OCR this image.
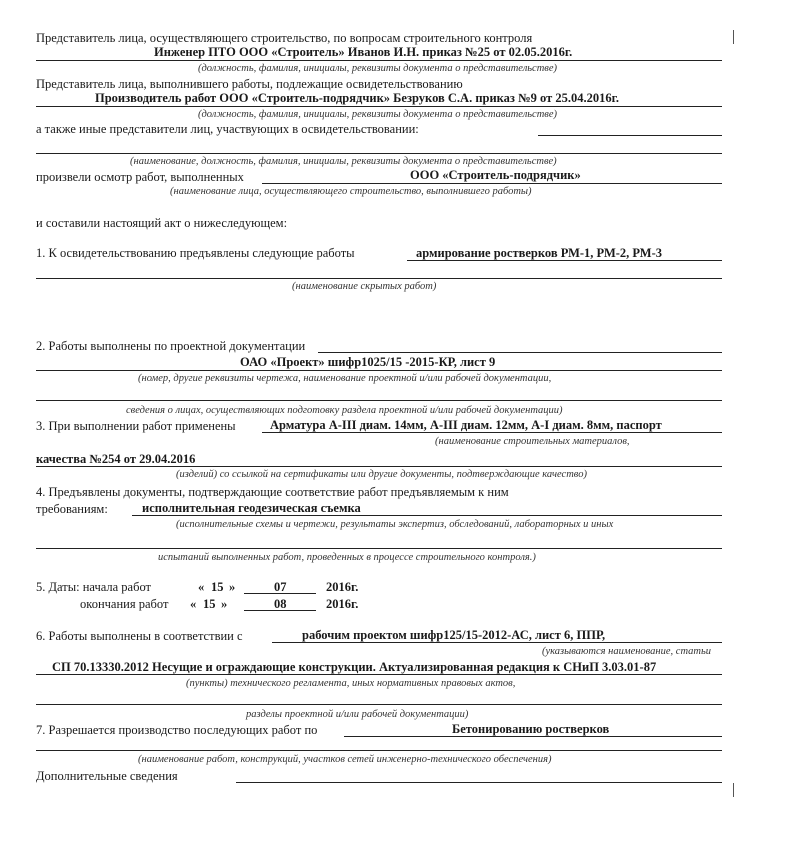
Представитель лица, осуществляющего строительство, по вопросам строительного контроля
Инженер ПТО ООО «Строитель» Иванов И.Н. приказ №25 от 02.05.2016г.
(должность, фамилия, инициалы, реквизиты документа о представительстве)
Представитель лица, выполнившего работы, подлежащие освидетельствованию
Производитель работ ООО «Строитель-подрядчик» Безруков С.А. приказ №9 от 25.04.2016г.
(должность, фамилия, инициалы, реквизиты документа о представительстве)
а также иные представители лиц, участвующих в освидетельствовании:
(наименование, должность, фамилия, инициалы, реквизиты документа о представительстве)
произвели осмотр работ, выполненных	ООО «Строитель-подрядчик»
(наименование лица, осуществляющего строительство, выполнившего работы)
и составили настоящий акт о нижеследующем:
1. К освидетельствованию предъявлены следующие работы	армирование ростверков РМ-1, РМ-2, РМ-3
(наименование скрытых работ)
2. Работы выполнены по проектной документации
ОАО «Проект» шифр1025/15 -2015-КР, лист 9
(номер, другие реквизиты чертежа, наименование проектной и/или рабочей документации,
сведения о лицах, осуществляющих подготовку раздела проектной и/или рабочей документации)
3. При выполнении работ применены	Арматура А-III диам. 14мм, А-III диам. 12мм, А-I диам. 8мм, паспорт
(наименование строительных материалов,
качества №254 от 29.04.2016
(изделий) со ссылкой на сертификаты или другие документы, подтверждающие качество)
4. Предъявлены документы, подтверждающие соответствие работ предъявляемым к ним
требованиям:	исполнительная геодезическая съемка
(исполнительные схемы и чертежи, результаты экспертиз, обследований, лабораторных и иных
испытаний выполненных работ, проведенных в процессе строительного контроля.)
5. Даты: начала работ	« 15 »	07	2016г.
окончания работ « 15 »	08	2016г.
6. Работы выполнены в соответствии с	рабочим проектом шифр125/15-2012-АС, лист 6, ППР,
(указываются наименование, статьи
СП 70.13330.2012 Несущие и ограждающие конструкции. Актуализированная редакция к СНиП 3.03.01-87
(пункты) технического регламента, иных нормативных правовых актов,
разделы проектной и/или рабочей документации)
7. Разрешается производство последующих работ по	Бетонированию ростверков
(наименование работ, конструкций, участков сетей инженерно-технического обеспечения)
Дополнительные сведения
